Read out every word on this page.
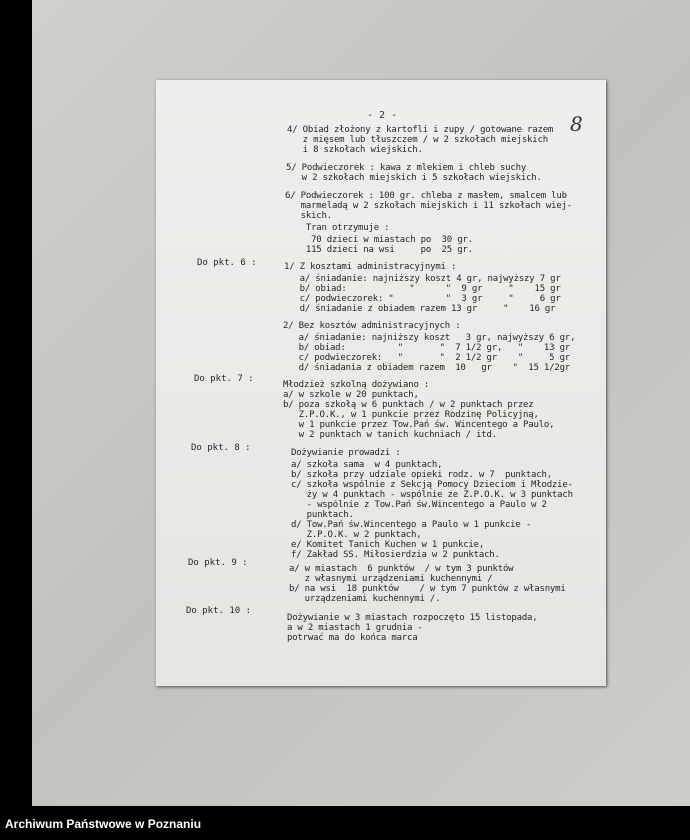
- 2 -	8
Do pkt. 6 :
Do pkt. 7 :
Do pkt. 8 :
Do pkt. 9 :
Do pkt. 10 :
4/ Obiad złożony z kartofli i zupy / gotowane razem
z mięsem lub tłuszczem / w 2 szkołach miejskich
i 8 szkołach wiejskich.
5/ Podwieczorek : kawa z mlekiem i chleb suchy
w 2 szkołach miejskich i 5 szkołach wiejskich.
6/ Podwieczorek : 100 gr. chleba z masłem, smalcem lub
marmeladą w 2 szkołach miejskich i 11 szkołach wiej-
skich.
Tran otrzymuje :
70 dzieci w miastach po  30 gr.
115 dzieci na wsi     po  25 gr.
1/ Z kosztami administracyjnymi :
a/ śniadanie: najniższy koszt 4 gr, najwyższy 7 gr
b/ obiad:            "      "  9 gr     "    15 gr
c/ podwieczorek: "          "  3 gr     "     6 gr
d/ śniadanie z obiadem razem 13 gr     "    16 gr
2/ Bez kosztów administracyjnych :
a/ śniadanie: najniższy koszt   3 gr, najwyższy 6 gr,
b/ obiad:          "       "  7 1/2 gr,   "    13 gr
c/ podwieczorek:   "       "  2 1/2 gr    "     5 gr
d/ śniadania z obiadem razem  10   gr    "  15 1/2gr
Młodzież szkolną dożywiano :
a/ w szkole w 20 punktach,
b/ poza szkołą w 6 punktach / w 2 punktach przez
Z.P.O.K., w 1 punkcie przez Rodzinę Policyjną,
w 1 punkcie przez Tow.Pań św. Wincentego a Paulo,
w 2 punktach w tanich kuchniach / itd.
Dożywianie prowadzi :
a/ szkoła sama  w 4 punktach,
b/ szkoła przy udziale opieki rodz. w 7  punktach,
c/ szkoła wspólnie z Sekcją Pomocy Dzieciom i Młodzie-
ży w 4 punktach - wspólnie ze Z.P.O.K. w 3 punktach
- wspólnie z Tow.Pań św.Wincentego a Paulo w 2
punktach.
d/ Tow.Pań św.Wincentego a Paulo w 1 punkcie -
Z.P.O.K. w 2 punktach,
e/ Komitet Tanich Kuchen w 1 punkcie,
f/ Zakład SS. Miłosierdzia w 2 punktach.
a/ w miastach  6 punktów  / w tym 3 punktów
z własnymi urządzeniami kuchennymi /
b/ na wsi  18 punktów    / w tym 7 punktów z własnymi
urządzeniami kuchennymi /.
Dożywianie w 3 miastach rozpoczęto 15 listopada,
a w 2 miastach 1 grudnia -
potrwać ma do końca marca
Archiwum Państwowe w Poznaniu
